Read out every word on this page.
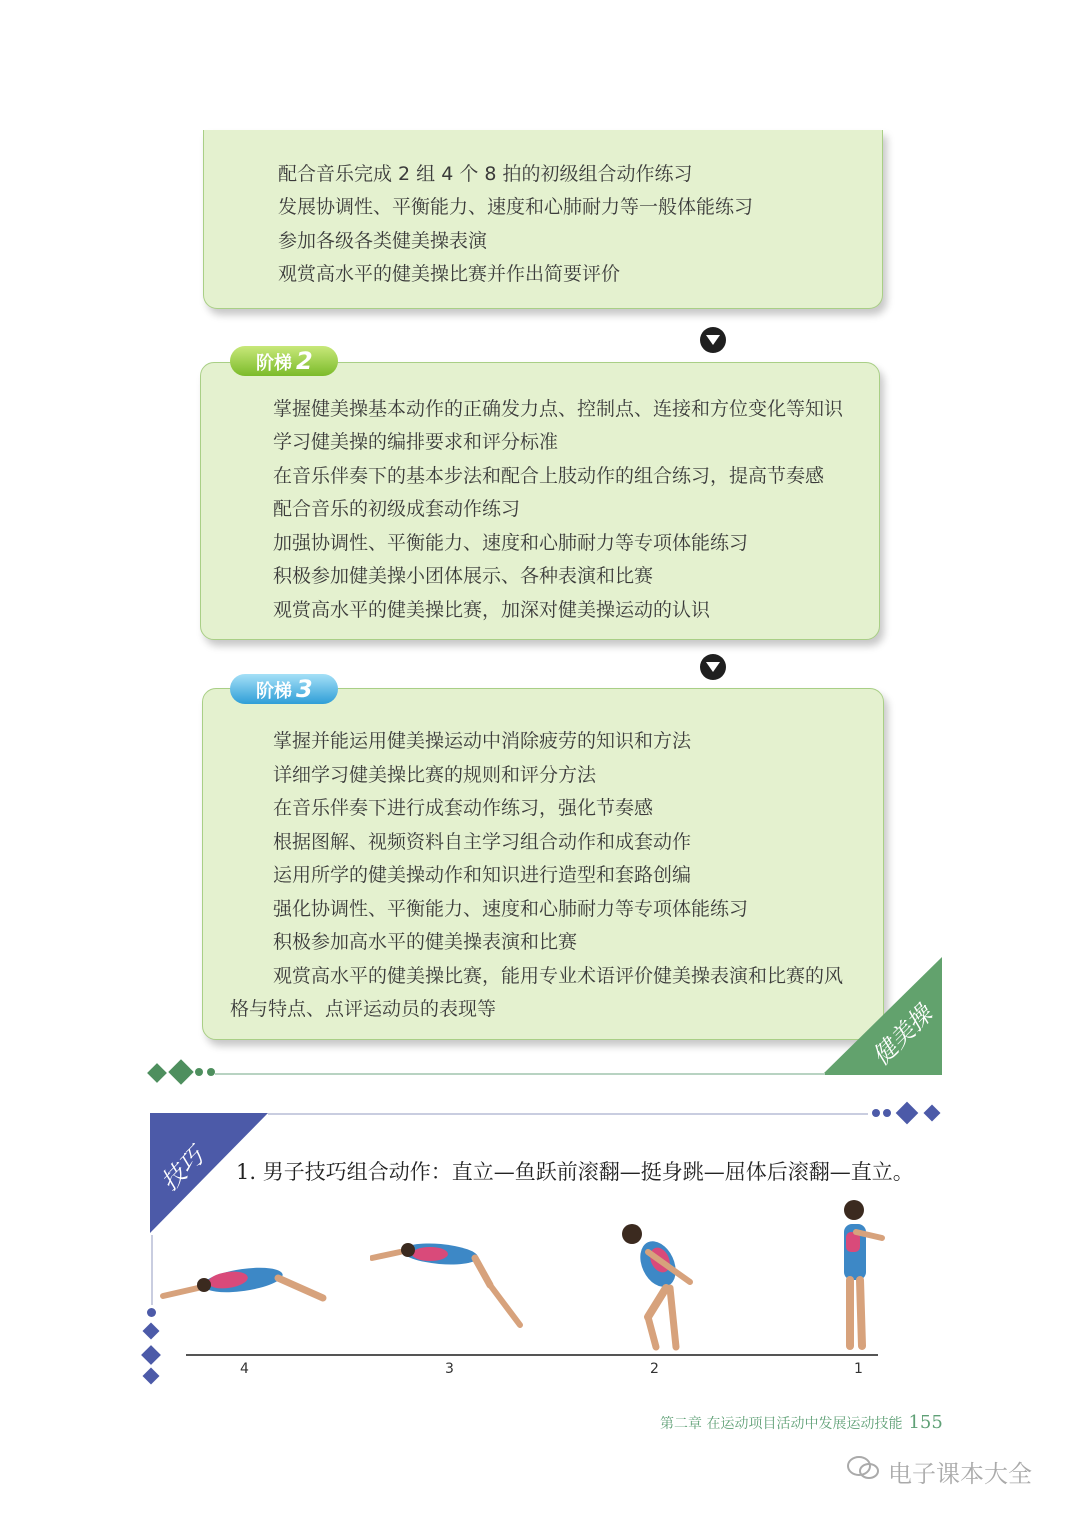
配合音乐完成 2 组 4 个 8 拍的初级组合动作练习
发展协调性、平衡能力、速度和心肺耐力等一般体能练习
参加各级各类健美操表演
观赏高水平的健美操比赛并作出简要评价
掌握健美操基本动作的正确发力点、控制点、连接和方位变化等知识
学习健美操的编排要求和评分标准
在音乐伴奏下的基本步法和配合上肢动作的组合练习，提高节奏感
配合音乐的初级成套动作练习
加强协调性、平衡能力、速度和心肺耐力等专项体能练习
积极参加健美操小团体展示、各种表演和比赛
观赏高水平的健美操比赛，加深对健美操运动的认识
阶梯 2
掌握并能运用健美操运动中消除疲劳的知识和方法
详细学习健美操比赛的规则和评分方法
在音乐伴奏下进行成套动作练习，强化节奏感
根据图解、视频资料自主学习组合动作和成套动作
运用所学的健美操动作和知识进行造型和套路创编
强化协调性、平衡能力、速度和心肺耐力等专项体能练习
积极参加高水平的健美操表演和比赛
观赏高水平的健美操比赛，能用专业术语评价健美操表演和比赛的风
格与特点、点评运动员的表现等
阶梯 3
健美操
技巧 1. 男子技巧组合动作：直立—鱼跃前滚翻—挺身跳—屈体后滚翻—直立。
4	3	2	1
第二章 在运动项目活动中发展运动技能 155
电子课本大全
